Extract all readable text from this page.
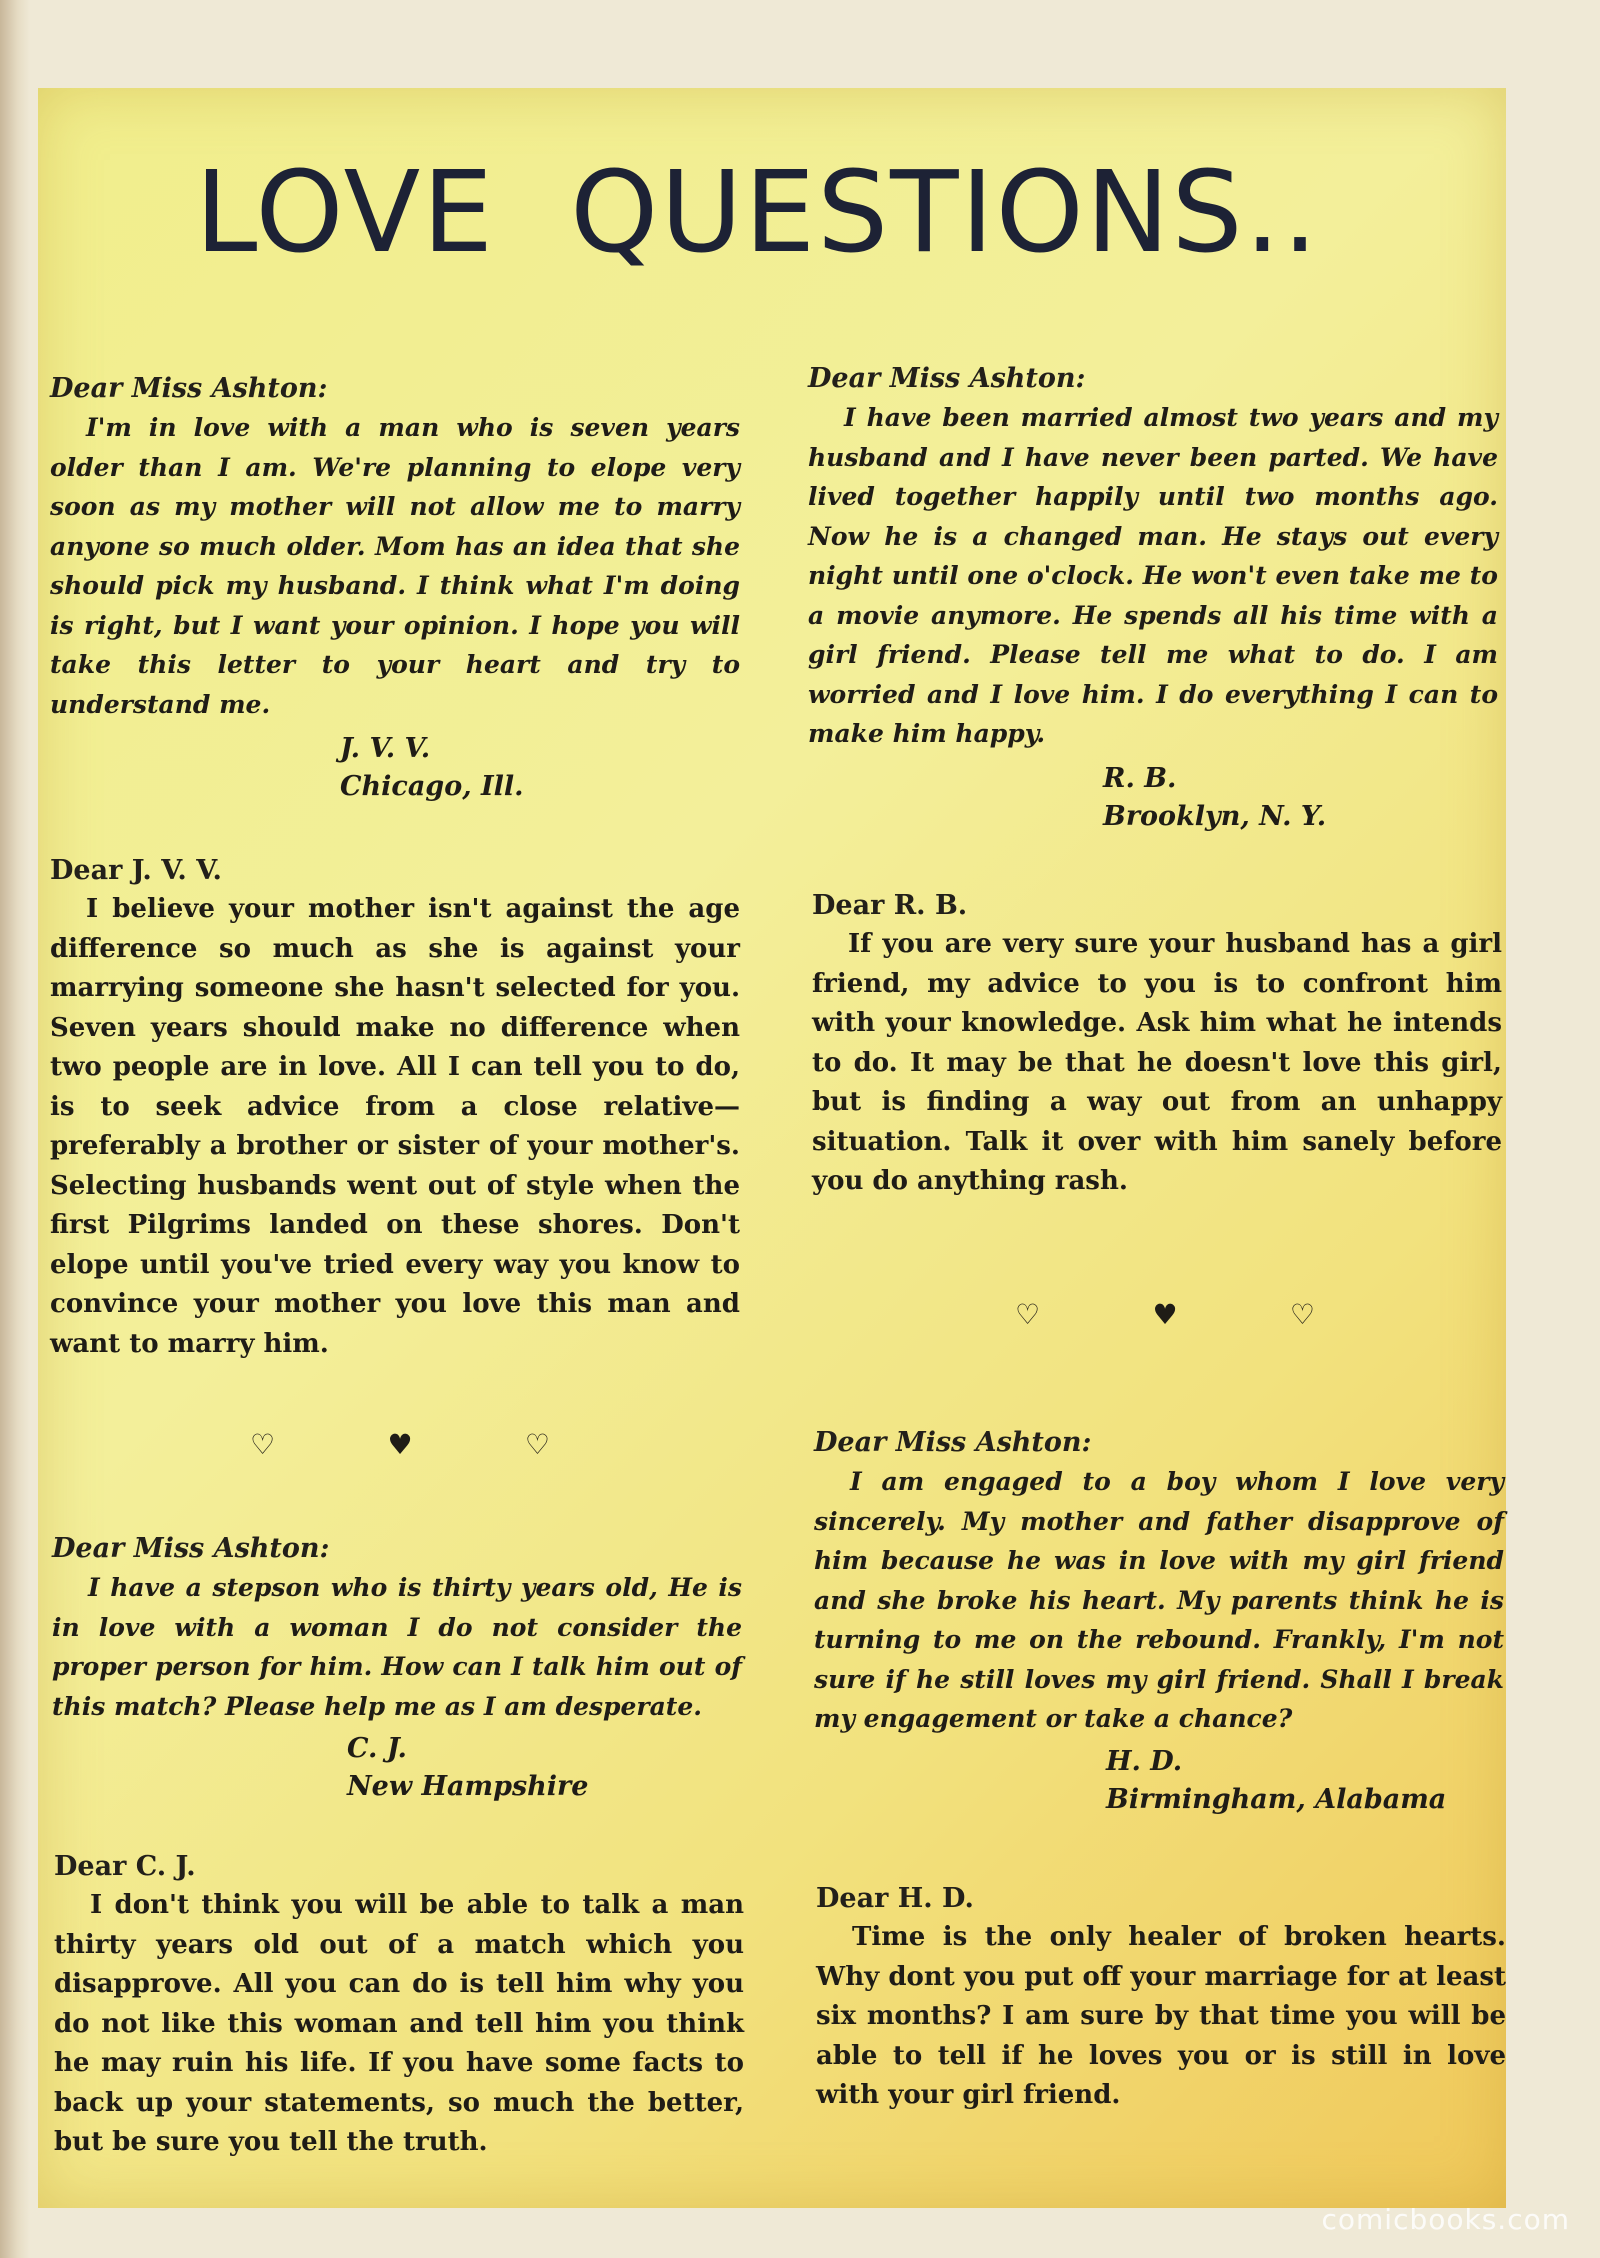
LOVE  QUESTIONS..

Dear Miss Ashton:

I'm in love with a man who is seven years older than I am. We're planning to elope very soon as my mother will not allow me to marry anyone so much older. Mom has an idea that she should pick my husband. I think what I'm doing is right, but I want your opinion. I hope you will take this letter to your heart and try to understand me.

J. V. V.

Chicago, Ill.

Dear J. V. V.

I believe your mother isn't against the age difference so much as she is against your marrying someone she hasn't selected for you. Seven years should make no difference when two people are in love. All I can tell you to do, is to seek advice from a close relative—preferably a brother or sister of your mother's. Selecting husbands went out of style when the first Pilgrims landed on these shores. Don't elope until you've tried every way you know to convince your mother you love this man and want to marry him.

♡	♥	♡

Dear Miss Ashton:

I have a stepson who is thirty years old, He is in love with a woman I do not consider the proper person for him. How can I talk him out of this match? Please help me as I am desperate.

C. J.

New Hampshire

Dear C. J.

I don't think you will be able to talk a man thirty years old out of a match which you disapprove. All you can do is tell him why you do not like this woman and tell him you think he may ruin his life. If you have some facts to back up your statements, so much the better, but be sure you tell the truth.

Dear Miss Ashton:

I have been married almost two years and my husband and I have never been parted. We have lived together happily until two months ago. Now he is a changed man. He stays out every night until one o'clock. He won't even take me to a movie anymore. He spends all his time with a girl friend. Please tell me what to do. I am worried and I love him. I do everything I can to make him happy.

R. B.

Brooklyn, N. Y.

Dear R. B.

If you are very sure your husband has a girl friend, my advice to you is to confront him with your knowledge. Ask him what he intends to do. It may be that he doesn't love this girl, but is finding a way out from an unhappy situation. Talk it over with him sanely before you do anything rash.

♡	♥	♡

Dear Miss Ashton:

I am engaged to a boy whom I love very sincerely. My mother and father disapprove of him because he was in love with my girl friend and she broke his heart. My parents think he is turning to me on the rebound. Frankly, I'm not sure if he still loves my girl friend. Shall I break my engagement or take a chance?

H. D.

Birmingham, Alabama

Dear H. D.

Time is the only healer of broken hearts. Why dont you put off your marriage for at least six months? I am sure by that time you will be able to tell if he loves you or is still in love with your girl friend.

comicbooks.com
